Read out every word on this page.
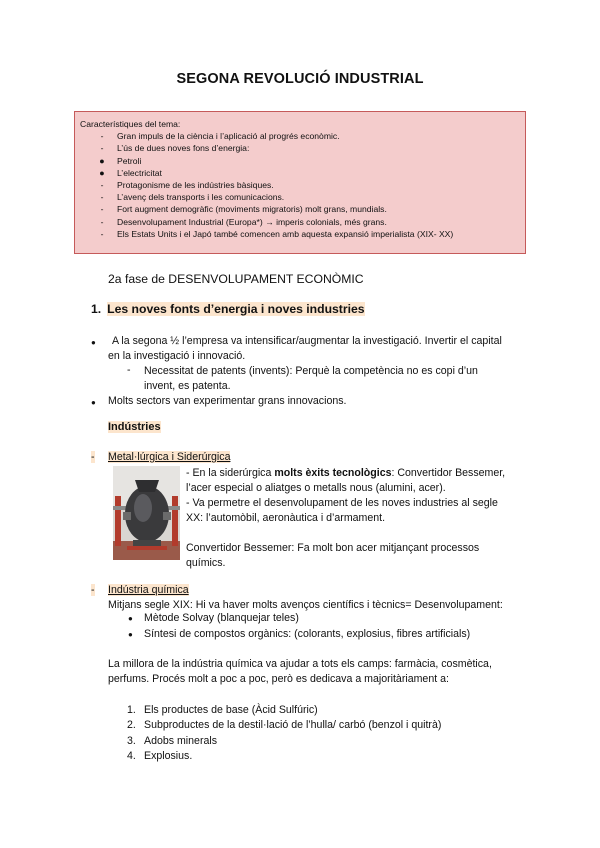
SEGONA REVOLUCIÓ INDUSTRIAL
Característiques del tema:
-	Gran impuls de la ciència i l’aplicació al progrés econòmic.
-	L’ús de dues noves fons d’energia:
● Petroli
● L’electricitat
-	Protagonisme de les indústries bàsiques.
-	L’avenç dels transports i les comunicacions.
-	Fort augment demogràfic (moviments migratoris) molt grans, mundials.
-	Desenvolupament Industrial (Europa*) → imperis colonials, més grans.
-	Els Estats Units i el Japó també comencen amb aquesta expansió imperialista (XIX- XX)
2a fase de DESENVOLUPAMENT ECONÒMIC
1. Les noves fonts d’energia i noves industries
● A la segona ½ l’empresa va intensificar/augmentar la investigació. Invertir el capital
en la investigació i innovació.
- Necessitat de patents (invents): Perquè la competència no es copi d’un
invent, es patenta.
● Molts sectors van experimentar grans innovacions.
Indústries
- Metal·lúrgica i Siderúrgica
- En la siderúrgica molts èxits tecnològics: Convertidor Bessemer,
l’acer especial o aliatges o metalls nous (alumini, acer).
- Va permetre el desenvolupament de les noves industries al segle
XX: l’automòbil, aeronàutica i d’armament.
Convertidor Bessemer: Fa molt bon acer mitjançant processos
químics.
- Indústria química
Mitjans segle XIX: Hi va haver molts avenços científics i tècnics= Desenvolupament:
● Mètode Solvay (blanquejar teles)
● Síntesi de compostos orgànics: (colorants, explosius, fibres artificials)
La millora de la indústria química va ajudar a tots els camps: farmàcia, cosmètica,
perfums. Procés molt a poc a poc, però es dedicava a majoritàriament a:
1. Els productes de base (Àcid Sulfúric)
2. Subproductes de la destil·lació de l’hulla/ carbó (benzol i quitrà)
3. Adobs minerals
4. Explosius.
